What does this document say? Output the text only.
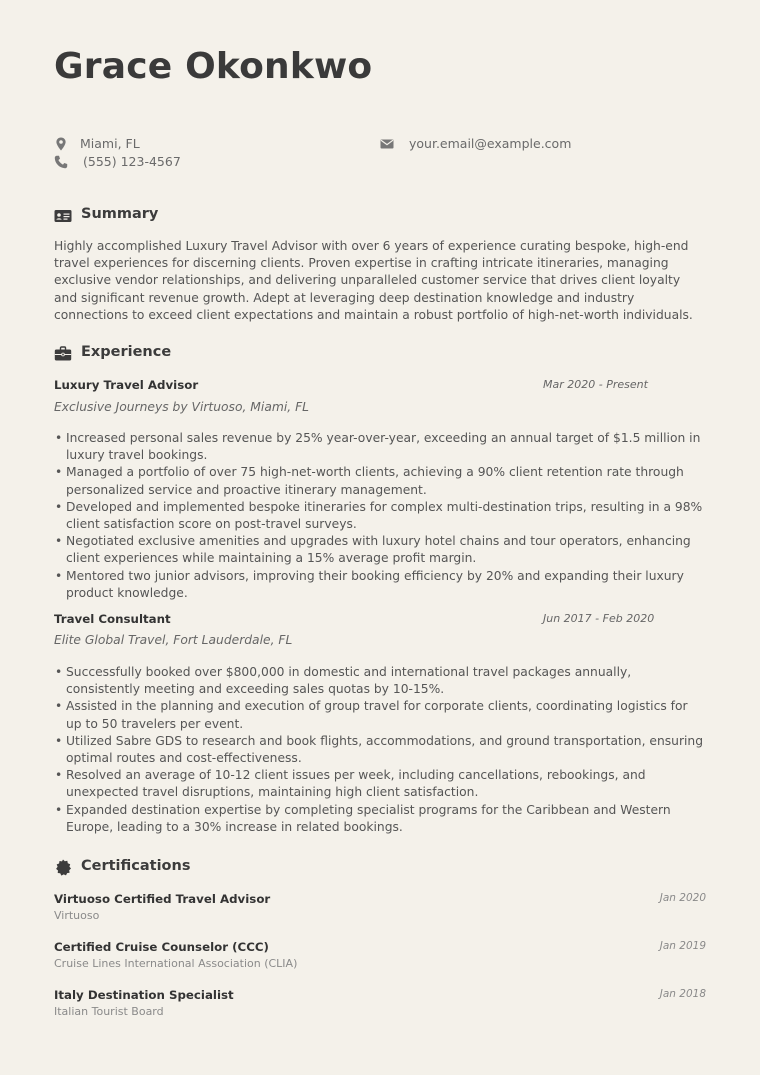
Grace Okonkwo
Miami, FL
(555) 123-4567
your.email@example.com
Summary

Highly accomplished Luxury Travel Advisor with over 6 years of experience curating bespoke, high-end travel experiences for discerning clients. Proven expertise in crafting intricate itineraries, managing exclusive vendor relationships, and delivering unparalleled customer service that drives client loyalty and significant revenue growth. Adept at leveraging deep destination knowledge and industry connections to exceed client expectations and maintain a robust portfolio of high-net-worth individuals.

Experience
Luxury Travel Advisor	Mar 2020 - Present
Exclusive Journeys by Virtuoso, Miami, FL
• Increased personal sales revenue by 25% year-over-year, exceeding an annual target of $1.5 million in luxury travel bookings.
• Managed a portfolio of over 75 high-net-worth clients, achieving a 90% client retention rate through personalized service and proactive itinerary management.
• Developed and implemented bespoke itineraries for complex multi-destination trips, resulting in a 98% client satisfaction score on post-travel surveys.
• Negotiated exclusive amenities and upgrades with luxury hotel chains and tour operators, enhancing client experiences while maintaining a 15% average profit margin.
• Mentored two junior advisors, improving their booking efficiency by 20% and expanding their luxury product knowledge.
Travel Consultant	Jun 2017 - Feb 2020
Elite Global Travel, Fort Lauderdale, FL
• Successfully booked over $800,000 in domestic and international travel packages annually, consistently meeting and exceeding sales quotas by 10-15%.
• Assisted in the planning and execution of group travel for corporate clients, coordinating logistics for up to 50 travelers per event.
• Utilized Sabre GDS to research and book flights, accommodations, and ground transportation, ensuring optimal routes and cost-effectiveness.
• Resolved an average of 10-12 client issues per week, including cancellations, rebookings, and unexpected travel disruptions, maintaining high client satisfaction.
• Expanded destination expertise by completing specialist programs for the Caribbean and Western Europe, leading to a 30% increase in related bookings.
Certifications
Virtuoso Certified Travel Advisor	Jan 2020
Virtuoso
Certified Cruise Counselor (CCC)	Jan 2019
Cruise Lines International Association (CLIA)
Italy Destination Specialist	Jan 2018
Italian Tourist Board
